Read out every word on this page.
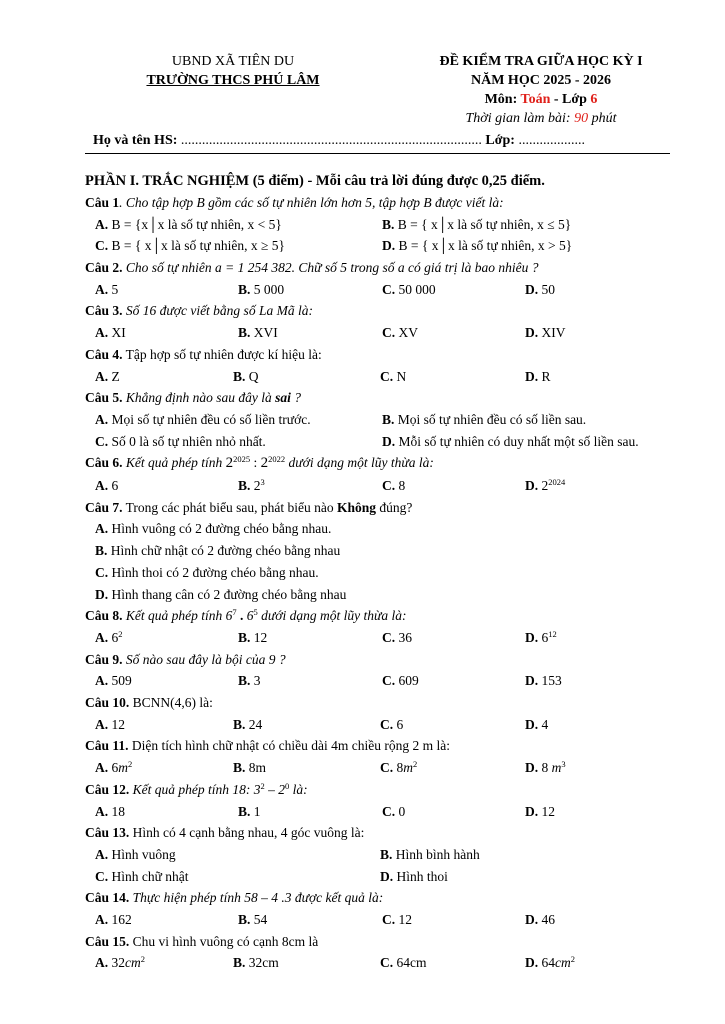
UBND XÃ TIÊN DU
TRƯỜNG THCS PHÚ LÂM
ĐỀ KIỂM TRA GIỮA HỌC KỲ I
NĂM HỌC 2025 - 2026
Môn: Toán - Lớp 6
Thời gian làm bài: 90 phút
Họ và tên HS: ...................................................................................... Lớp: ...................
PHẦN I. TRẮC NGHIỆM (5 điểm) - Mỗi câu trả lời đúng được 0,25 điểm.
Câu 1. Cho tập hợp B gồm các số tự nhiên lớn hơn 5, tập hợp B được viết là:
A. B = {x│x là số tự nhiên, x < 5}	B. B = { x│x là số tự nhiên, x ≤ 5}
C. B = { x│x là số tự nhiên, x ≥ 5}	D. B = { x│x là số tự nhiên, x > 5}
Câu 2. Cho số tự nhiên a = 1 254 382. Chữ số 5 trong số a có giá trị là bao nhiêu ?
A. 5	B. 5 000	C. 50 000	D. 50
Câu 3. Số 16 được viết bằng số La Mã là:
A. XI	B. XVI	C. XV	D. XIV
Câu 4. Tập hợp số tự nhiên được kí hiệu là:
A. Z	B. Q	C. N	D. R
Câu 5. Khẳng định nào sau đây là sai ?
A. Mọi số tự nhiên đều có số liền trước.	B. Mọi số tự nhiên đều có số liền sau.
C. Số 0 là số tự nhiên nhỏ nhất.	D. Mỗi số tự nhiên có duy nhất một số liền sau.
Câu 6. Kết quả phép tính $2^{2025}$ : $2^{2022}$ dưới dạng một lũy thừa là:
A. 6	B. $2^3$	C. 8	D. $2^{2024}$
Câu 7. Trong các phát biểu sau, phát biểu nào Không đúng?
A. Hình vuông có 2 đường chéo bằng nhau.
B. Hình chữ nhật có 2 đường chéo bằng nhau
C. Hình thoi có 2 đường chéo bằng nhau.
D. Hình thang cân có 2 đường chéo bằng nhau
Câu 8. Kết quả phép tính $6^7$ . $6^5$ dưới dạng một lũy thừa là:
A. $6^2$	B. 12	C. 36	D. $6^{12}$
Câu 9. Số nào sau đây là bội của 9 ?
A. 509	B. 3	C. 609	D. 153
Câu 10. BCNN(4,6) là:
A. 12	B. 24	C. 6	D. 4
Câu 11. Diện tích hình chữ nhật có chiều dài 4m chiều rộng 2 m là:
A. $6m^2$	B. 8m	C. $8m^2$	D. 8 $m^3$
Câu 12. Kết quả phép tính 18: $3^2 - 2^0$ là:
A. 18	B. 1	C. 0	D. 12
Câu 13. Hình có 4 cạnh bằng nhau, 4 góc vuông là:
A. Hình vuông	B. Hình bình hành
C. Hình chữ nhật	D. Hình thoi
Câu 14. Thực hiện phép tính 58 – 4 .3 được kết quả là:
A. 162	B. 54	C. 12	D. 46
Câu 15. Chu vi hình vuông có cạnh 8cm là
A. $32cm^2$	B. 32cm	C. 64cm	D. $64cm^2$
